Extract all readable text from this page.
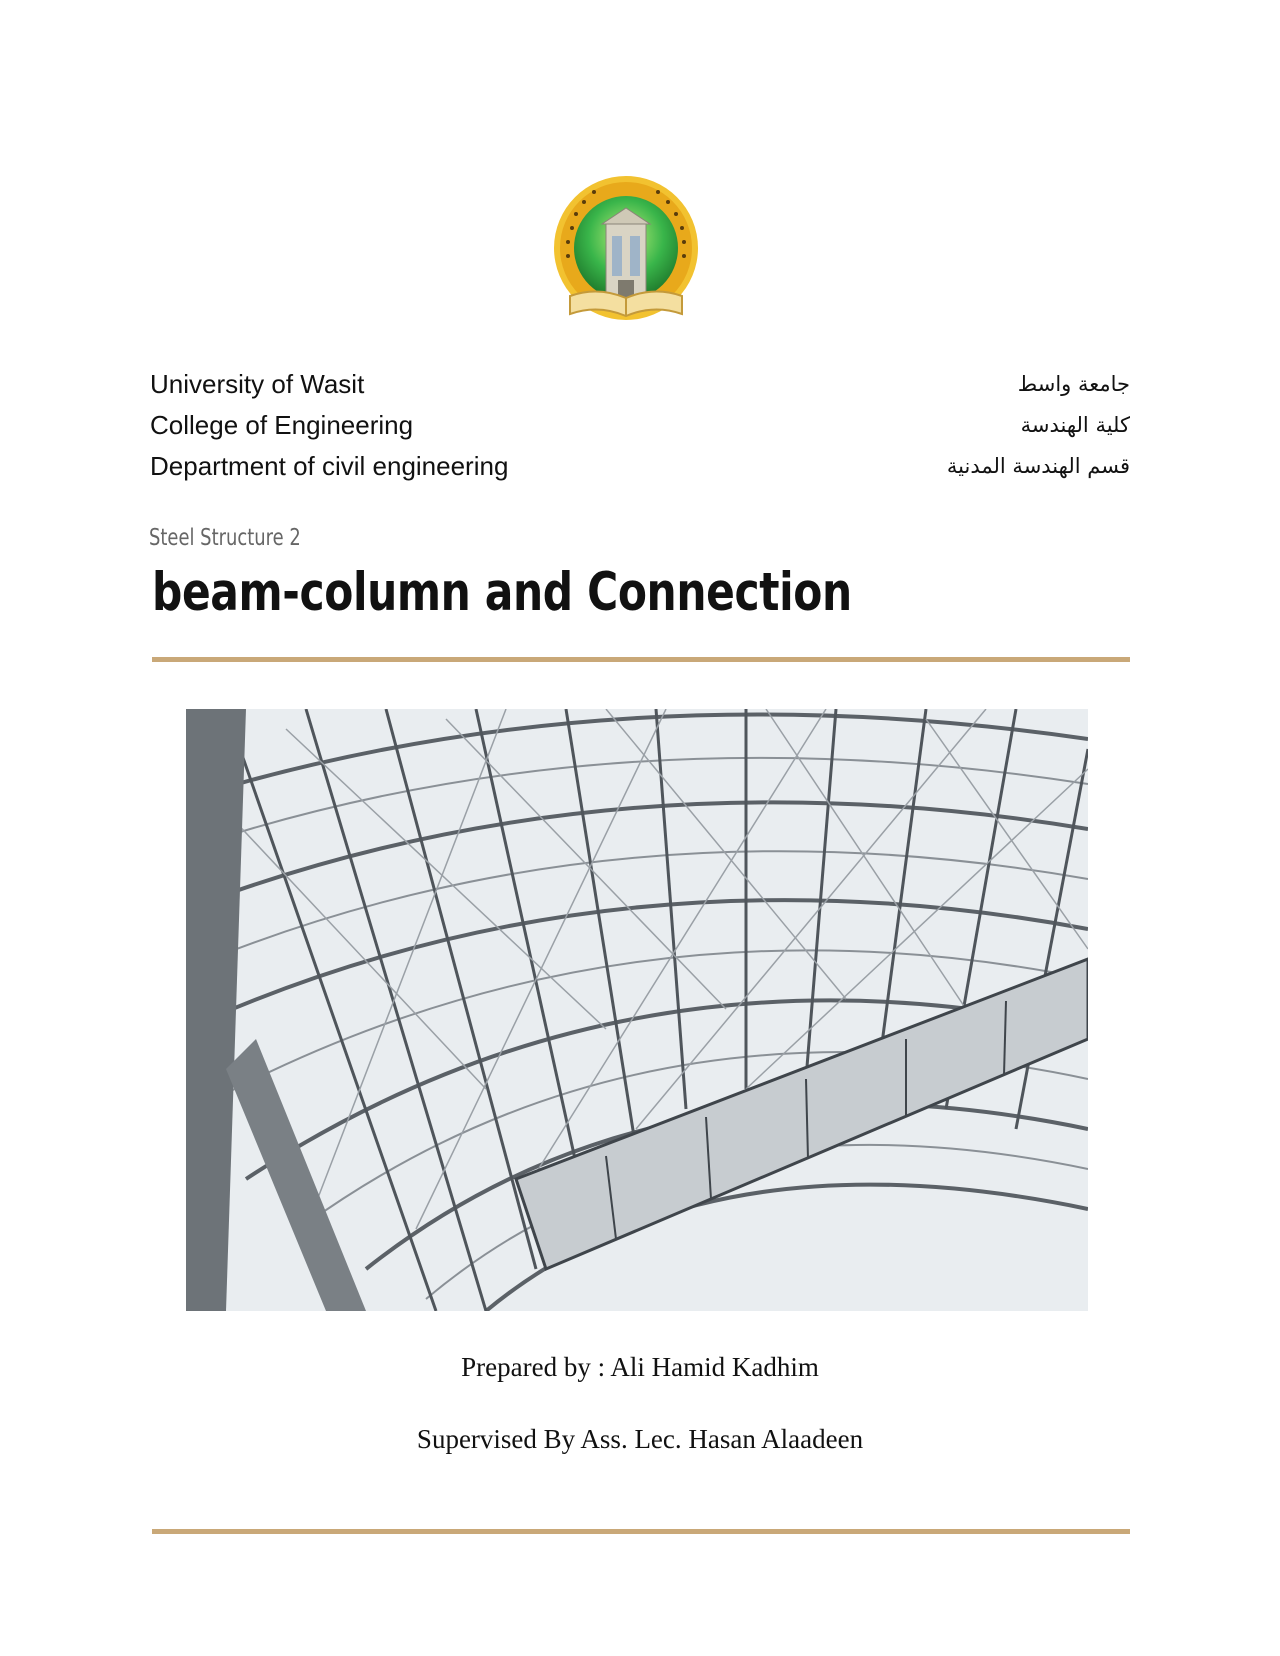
University of Wasit
College of Engineering
Department of civil engineering
جامعة واسط
كلية الهندسة
قسم الهندسة المدنية
Steel Structure 2
beam-column and Connection
Prepared by : Ali Hamid Kadhim
Supervised By Ass. Lec. Hasan Alaadeen
